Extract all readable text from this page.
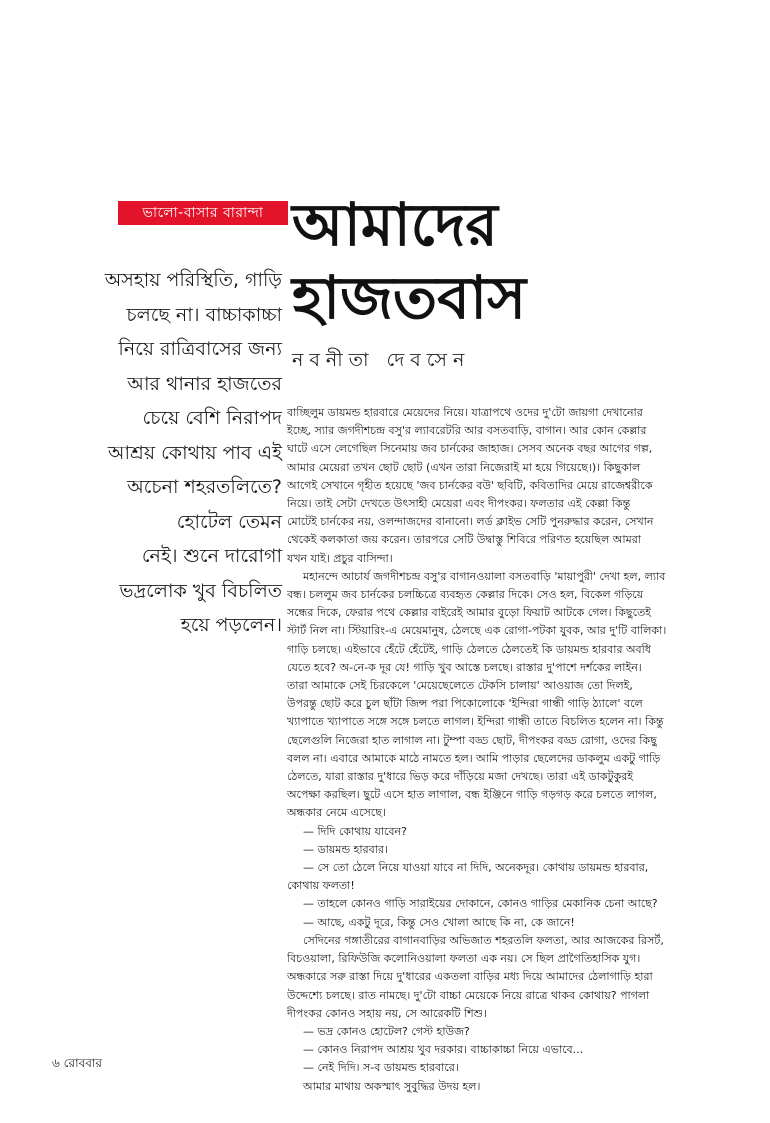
ভালো-বাসার বারান্দা আমাদের
হাজতবাস
নবনীতা দেবসেন
অসহায় পরিস্থিতি, গাড়ি
চলছে না। বাচ্চাকাচ্চা
নিয়ে রাত্রিবাসের জন্য
আর থানার হাজতের
চেয়ে বেশি নিরাপদ
আশ্রয় কোথায় পাব এই
অচেনা শহরতলিতে?
হোটেল তেমন
নেই। শুনে দারোগা
ভদ্রলোক খুব বিচলিত
হয়ে পড়লেন।

বাচ্ছিলুম ডায়মন্ড হারবারে মেয়েদের নিয়ে। যাত্রাপথে ওদের দু'টো জায়গা দেখানোর

ইচ্ছে, স্যার জগদীশচন্দ্র বসু'র ল্যাবরেটরি আর বসতবাড়ি, বাগান। আর কোন কেল্লার

ঘাটে এসে লেগেছিল সিনেমায় জব চার্নকের জাহাজ। সেসব অনেক বছর আগের গল্প,

আমার মেয়েরা তখন ছোট ছোট (এখন তারা নিজেরাই মা হয়ে গিয়েছে।)। কিছুকাল

আগেই সেখানে গৃহীত হয়েছে 'জব চার্নকের বউ' ছবিটি, কবিতাদির মেয়ে রাজেশ্বরীকে

নিয়ে। তাই সেটা দেখতে উৎসাহী মেয়েরা এবং দীপংকর। ফলতার এই কেল্লা কিন্তু

মোটেই চার্নকের নয়, ওলন্দাজদের বানানো। লর্ড ক্লাইভ সেটি পুনরুদ্ধার করেন, সেখান

থেকেই কলকাতা জয় করেন। তারপরে সেটি উদ্বাস্তু শিবিরে পরিণত হয়েছিল আমরা

যখন যাই। প্রচুর বাসিন্দা।

মহানন্দে আচার্য জগদীশচন্দ্র বসু'র বাগানওয়ালা বসতবাড়ি 'মায়াপুরী' দেখা হল, ল্যাব

বন্ধ। চললুম জব চার্নকের চলচ্চিত্রে ব্যবহৃত কেল্লার দিকে। সেও হল, বিকেল গড়িয়ে

সন্ধের দিকে, ফেরার পথে কেল্লার বাইরেই আমার বুড়ো ফিয়াট আটকে গেল। কিছুতেই

স্টার্ট নিল না। স্টিয়ারিং-এ মেয়েমানুষ, ঠেলছে এক রোগা-পটকা যুবক, আর দু'টি বালিকা।

গাড়ি চলছে। এইভাবে হেঁটে হেঁটেই, গাড়ি ঠেলতে ঠেলতেই কি ডায়মন্ড হারবার অবধি

যেতে হবে? অ-নে-ক দূর যে! গাড়ি খুব আস্তে চলছে। রাস্তার দু'পাশে দর্শকের লাইন।

তারা আমাকে সেই চিরকেলে 'মেয়েছেলেতে টেকসি চালায়' আওয়াজ তো দিলই,

উপরন্তু ছোট করে চুল ছাঁটা জিন্স পরা পিকোলোকে 'ইন্দিরা গান্ধী গাড়ি ঠ্যালে' বলে

খ্যাপাতে খ্যাপাতে সঙ্গে সঙ্গে চলতে লাগল। ইন্দিরা গান্ধী তাতে বিচলিত হলেন না। কিন্তু

ছেলেগুলি নিজেরা হাত লাগাল না। টুম্পা বড্ড ছোট, দীপংকর বড্ড রোগা, ওদের কিছু

বলল না। এবারে আমাকে মাঠে নামতে হল। আমি পাড়ার ছেলেদের ডাকলুম একটু গাড়ি

ঠেলতে, যারা রাস্তার দু'ধারে ভিড় করে দাঁড়িয়ে মজা দেখছে। তারা এই ডাকটুকুরই

অপেক্ষা করছিল। ছুটে এসে হাত লাগাল, বন্ধ ইঞ্জিনে গাড়ি গড়গড় করে চলতে লাগল,

অন্ধকার নেমে এসেছে।

— দিদি কোথায় যাবেন?

— ডায়মন্ড হারবার।

— সে তো ঠেলে নিয়ে যাওয়া যাবে না দিদি, অনেকদূর। কোথায় ডায়মন্ড হারবার,

কোথায় ফলতা!

— তাহলে কোনও গাড়ি সারাইয়ের দোকানে, কোনও গাড়ির মেকানিক চেনা আছে?

— আছে, একটু দূরে, কিন্তু সেও খোলা আছে কি না, কে জানে!

সেদিনের গঙ্গাতীরের বাগানবাড়ির অভিজাত শহরতলি ফলতা, আর আজকের রিসর্ট,

বিচওয়ালা, রিফিউজি কলোনিওয়ালা ফলতা এক নয়। সে ছিল প্রাগৈতিহাসিক যুগ।

অন্ধকারে সরু রাস্তা দিয়ে দু'ধারের একতলা বাড়ির মধ্য দিয়ে আমাদের ঠেলাগাড়ি হারা

উদ্দেশ্যে চলছে। রাত নামছে। দু'টো বাচ্চা মেয়েকে নিয়ে রাত্রে থাকব কোথায়? পাগলা

দীপংকর কোনও সহায় নয়, সে আরেকটি শিশু।

— ভদ্র কোনও হোটেল? গেস্ট হাউজ?

— কোনও নিরাপদ আশ্রয় খুব দরকার। বাচ্চাকাচ্চা নিয়ে এভাবে...

— নেই দিদি। স-ব ডায়মন্ড হারবারে।

আমার মাথায় অকস্মাৎ সুবুদ্ধির উদয় হল।

৬ রোববার
